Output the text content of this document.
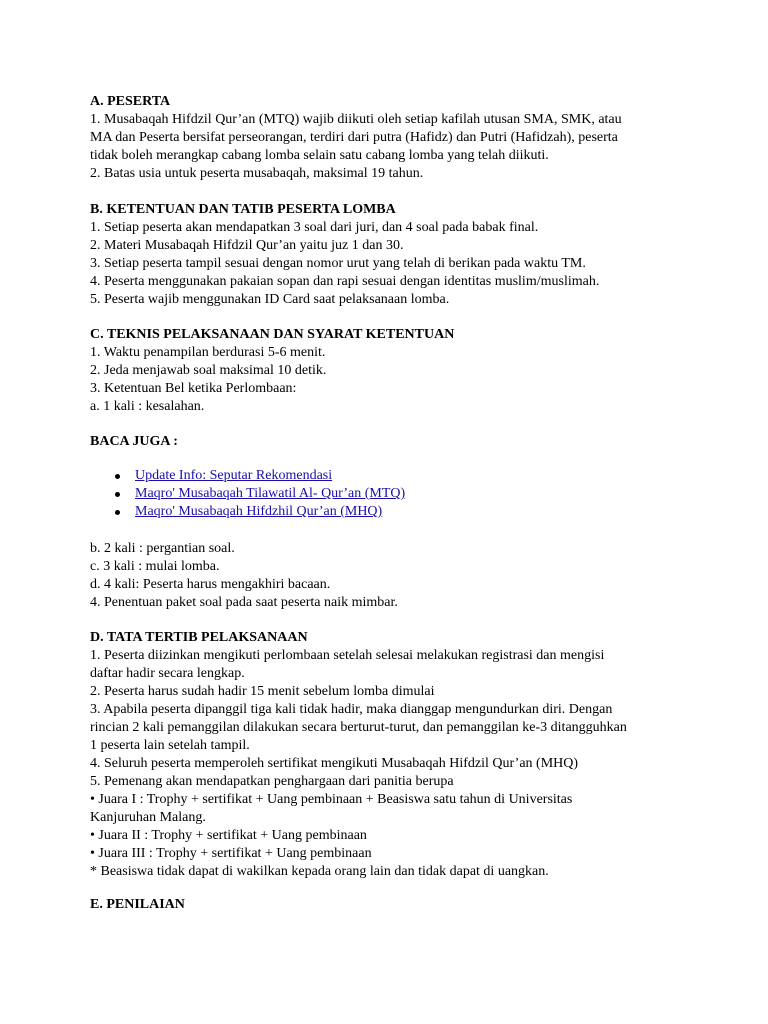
A. PESERTA
1. Musabaqah Hifdzil Qur’an (MTQ) wajib diikuti oleh setiap kafilah utusan SMA, SMK, atau
MA dan Peserta bersifat perseorangan, terdiri dari putra (Hafidz) dan Putri (Hafidzah), peserta
tidak boleh merangkap cabang lomba selain satu cabang lomba yang telah diikuti.
2. Batas usia untuk peserta musabaqah, maksimal 19 tahun.
B. KETENTUAN DAN TATIB PESERTA LOMBA
1. Setiap peserta akan mendapatkan 3 soal dari juri, dan 4 soal pada babak final.
2. Materi Musabaqah Hifdzil Qur’an yaitu juz 1 dan 30.
3. Setiap peserta tampil sesuai dengan nomor urut yang telah di berikan pada waktu TM.
4. Peserta menggunakan pakaian sopan dan rapi sesuai dengan identitas muslim/muslimah.
5. Peserta wajib menggunakan ID Card saat pelaksanaan lomba.
C. TEKNIS PELAKSANAAN DAN SYARAT KETENTUAN
1. Waktu penampilan berdurasi 5-6 menit.
2. Jeda menjawab soal maksimal 10 detik.
3. Ketentuan Bel ketika Perlombaan:
a. 1 kali : kesalahan.
BACA JUGA :
Update Info: Seputar Rekomendasi
Maqro' Musabaqah Tilawatil Al- Qur’an (MTQ)
Maqro' Musabaqah Hifdzhil Qur’an (MHQ)
b. 2 kali : pergantian soal.
c. 3 kali : mulai lomba.
d. 4 kali: Peserta harus mengakhiri bacaan.
4. Penentuan paket soal pada saat peserta naik mimbar.
D. TATA TERTIB PELAKSANAAN
1. Peserta diizinkan mengikuti perlombaan setelah selesai melakukan registrasi dan mengisi
daftar hadir secara lengkap.
2. Peserta harus sudah hadir 15 menit sebelum lomba dimulai
3. Apabila peserta dipanggil tiga kali tidak hadir, maka dianggap mengundurkan diri. Dengan
rincian 2 kali pemanggilan dilakukan secara berturut-turut, dan pemanggilan ke-3 ditangguhkan
1 peserta lain setelah tampil.
4. Seluruh peserta memperoleh sertifikat mengikuti Musabaqah Hifdzil Qur’an (MHQ)
5. Pemenang akan mendapatkan penghargaan dari panitia berupa
• Juara I : Trophy + sertifikat + Uang pembinaan + Beasiswa satu tahun di Universitas
Kanjuruhan Malang.
• Juara II : Trophy + sertifikat + Uang pembinaan
• Juara III : Trophy + sertifikat + Uang pembinaan
* Beasiswa tidak dapat di wakilkan kepada orang lain dan tidak dapat di uangkan.
E. PENILAIAN
